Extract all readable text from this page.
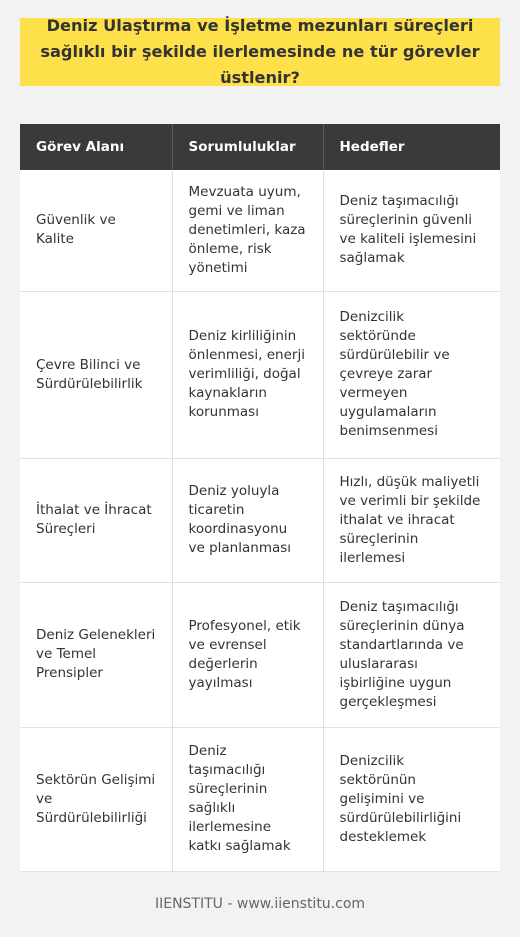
Deniz Ulaştırma ve İşletme mezunları süreçleri sağlıklı bir şekilde ilerlemesinde ne tür görevler üstlenir?
Görev Alanı	Sorumluluklar	Hedefler
Güvenlik ve Kalite	Mevzuata uyum, gemi ve liman denetimleri, kaza önleme, risk yönetimi	Deniz taşımacılığı süreçlerinin güvenli ve kaliteli işlemesini sağlamak
Çevre Bilinci ve Sürdürülebilirlik	Deniz kirliliğinin önlenmesi, enerji verimliliği, doğal kaynakların korunması	Denizcilik sektöründe sürdürülebilir ve çevreye zarar vermeyen uygulamaların benimsenmesi
İthalat ve İhracat Süreçleri	Deniz yoluyla ticaretin koordinasyonu ve planlanması	Hızlı, düşük maliyetli ve verimli bir şekilde ithalat ve ihracat süreçlerinin ilerlemesi
Deniz Gelenekleri ve Temel Prensipler	Profesyonel, etik ve evrensel değerlerin yayılması	Deniz taşımacılığı süreçlerinin dünya standartlarında ve uluslararası işbirliğine uygun gerçekleşmesi
Sektörün Gelişimi ve Sürdürülebilirliği	Deniz taşımacılığı süreçlerinin sağlıklı ilerlemesine katkı sağlamak	Denizcilik sektörünün gelişimini ve sürdürülebilirliğini desteklemek
IIENSTITU - www.iienstitu.com
